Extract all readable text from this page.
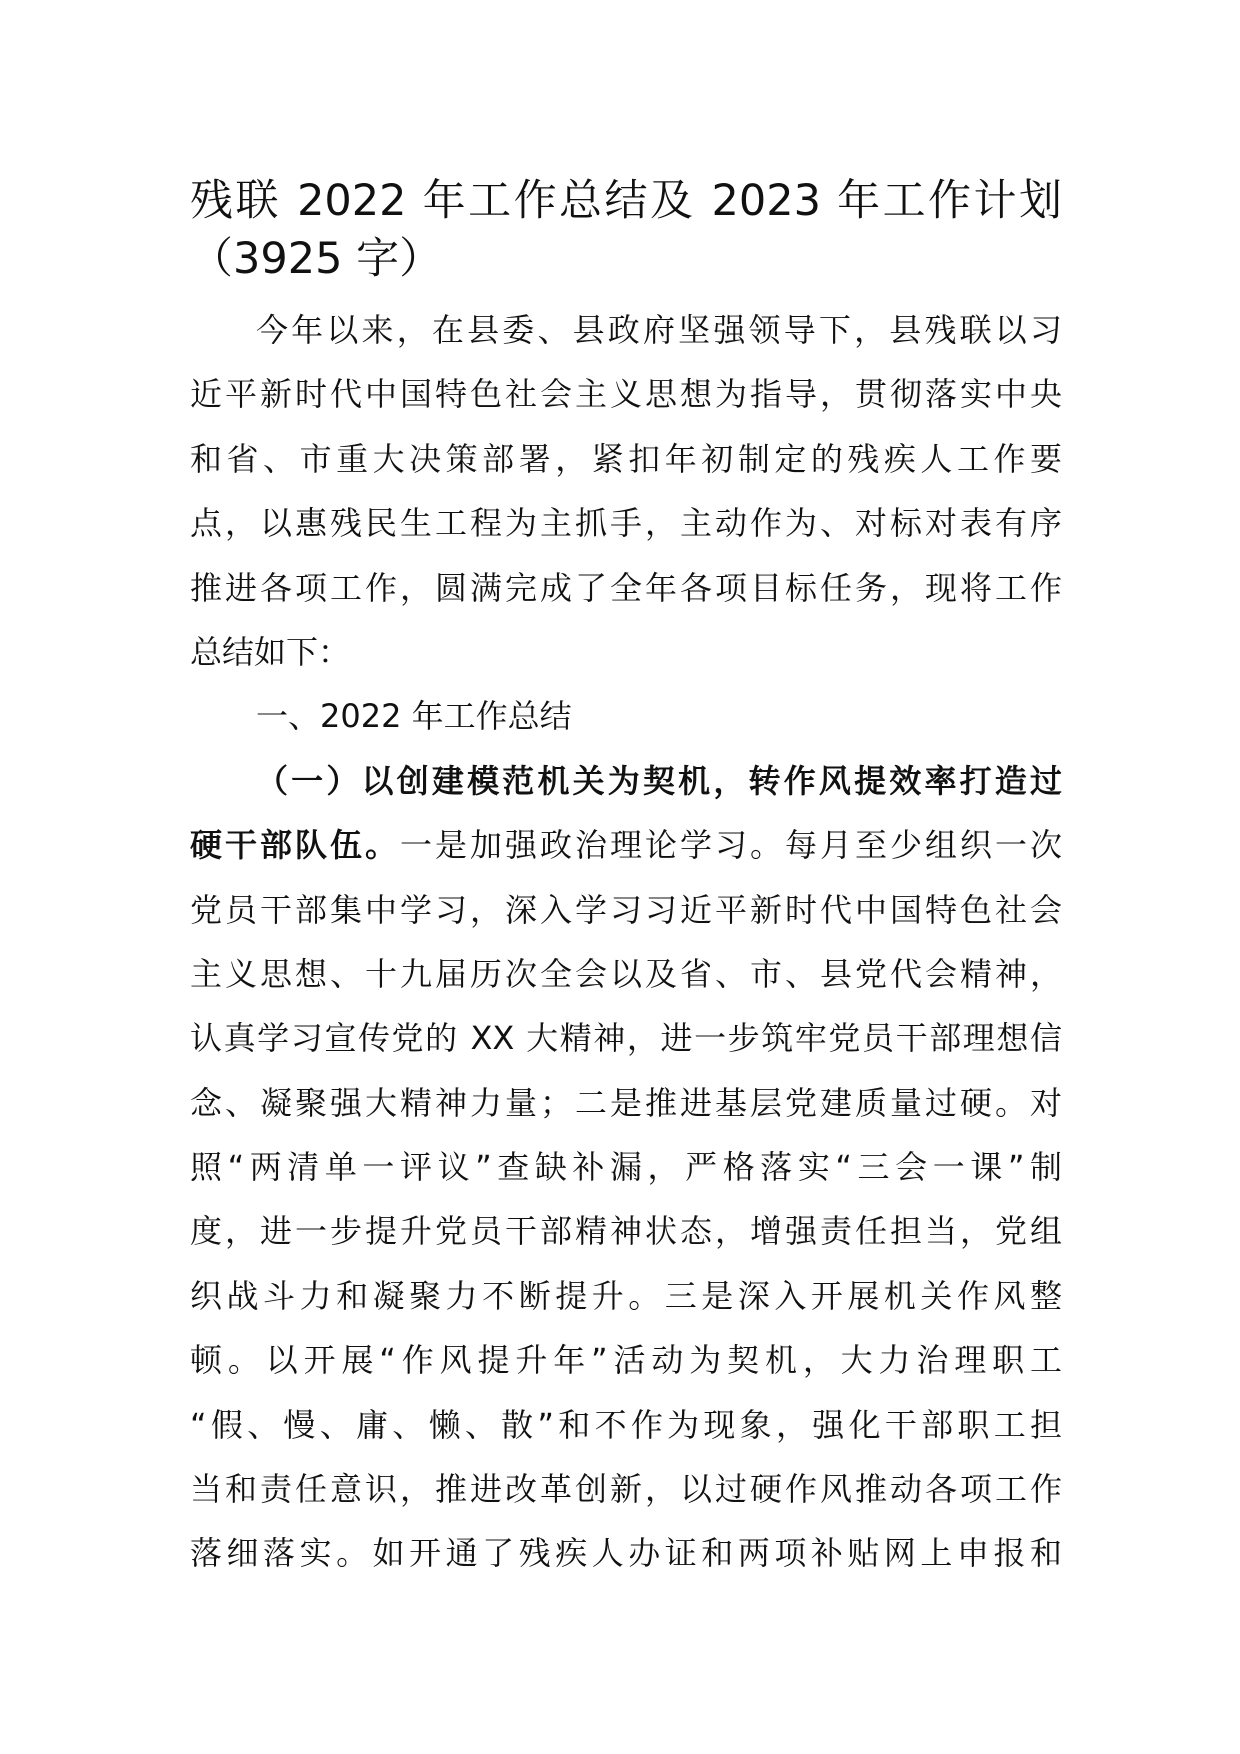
残联 2022 年工作总结及 2023 年工作计划
（3925 字）
今年以来，在县委、县政府坚强领导下，县残联以习
近平新时代中国特色社会主义思想为指导，贯彻落实中央
和省、市重大决策部署，紧扣年初制定的残疾人工作要
点，以惠残民生工程为主抓手，主动作为、对标对表有序
推进各项工作，圆满完成了全年各项目标任务，现将工作
总结如下：
一、2022 年工作总结
（一）以创建模范机关为契机，转作风提效率打造过
硬干部队伍。一是加强政治理论学习。每月至少组织一次
党员干部集中学习，深入学习习近平新时代中国特色社会
主义思想、十九届历次全会以及省、市、县党代会精神，
认真学习宣传党的 XX 大精神，进一步筑牢党员干部理想信
念、凝聚强大精神力量；二是推进基层党建质量过硬。对
照“两清单一评议”查缺补漏，严格落实“三会一课”制
度，进一步提升党员干部精神状态，增强责任担当，党组
织战斗力和凝聚力不断提升。三是深入开展机关作风整
顿。以开展“作风提升年”活动为契机，大力治理职工
“假、慢、庸、懒、散”和不作为现象，强化干部职工担
当和责任意识，推进改革创新，以过硬作风推动各项工作
落细落实。如开通了残疾人办证和两项补贴网上申报和
